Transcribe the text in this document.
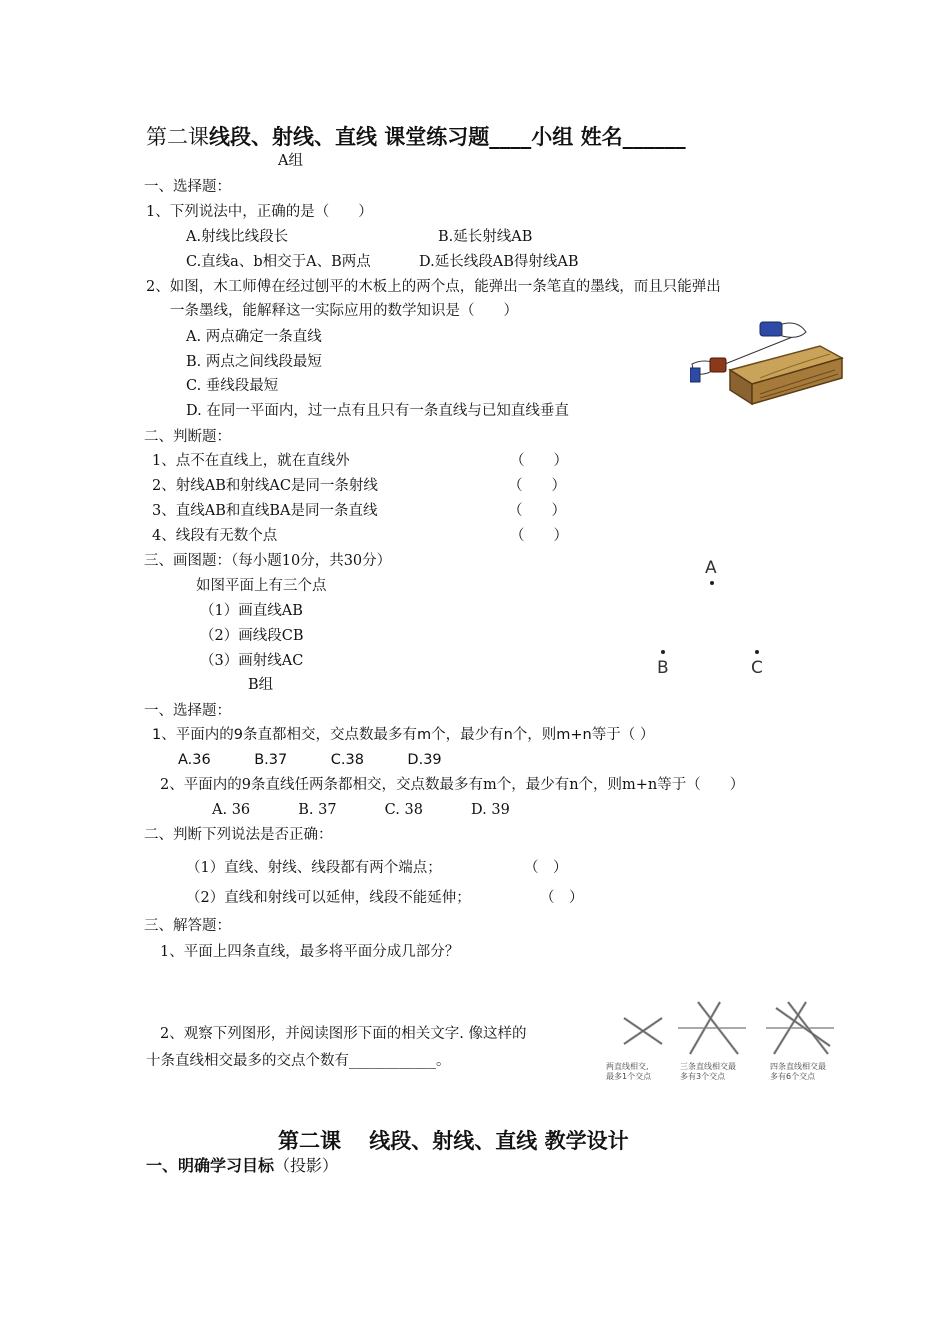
第二课线段、射线、直线 课堂练习题____小组 姓名______
A组
一、选择题：
1、下列说法中，正确的是（　　）
A.射线比线段长	B.延长射线AB
C.直线a、b相交于A、B两点	D.延长线段AB得射线AB
2、如图，木工师傅在经过刨平的木板上的两个点，能弹出一条笔直的墨线，而且只能弹出
一条墨线，能解释这一实际应用的数学知识是（　　）
A. 两点确定一条直线
B. 两点之间线段最短
C. 垂线段最短
D. 在同一平面内，过一点有且只有一条直线与已知直线垂直
二、判断题：
1、点不在直线上，就在直线外	（　　）
2、射线AB和射线AC是同一条射线	（　　）
3、直线AB和直线BA是同一条直线	（　　）
4、线段有无数个点	（　　）
三、画图题：（每小题10分，共30分）
如图平面上有三个点
（1）画直线AB
（2）画线段CB
（3）画射线AC
A
B	C
B组
一、选择题：
1、平面内的9条直都相交，交点数最多有m个，最少有n个，则m+n等于（ ）
A.36　　　B.37　　　C.38　　　D.39
2、平面内的9条直线任两条都相交，交点数最多有m个，最少有n个，则m+n等于（　　）
A. 36　　　 B. 37　　　 C. 38　　　 D. 39
二、判断下列说法是否正确：
（1）直线、射线、线段都有两个端点；	（　）
（2）直线和射线可以延伸，线段不能延伸；	（　）
三、解答题：
1、平面上四条直线，最多将平面分成几部分？
2、观察下列图形，并阅读图形下面的相关文字. 像这样的
十条直线相交最多的交点个数有____________。	两直线相交,
最多1个交点
三条直线相交最
多有3个交点
四条直线相交最
多有6个交点
第二课　 线段、射线、直线 教学设计
一、明确学习目标（投影）
